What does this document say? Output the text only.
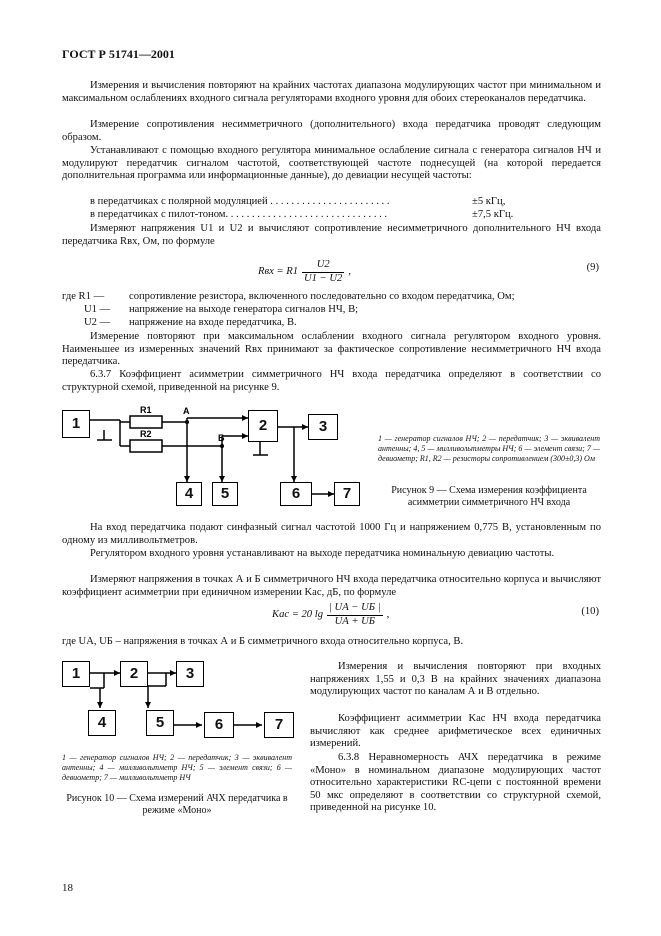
ГОСТ Р 51741—2001
Измерения и вычисления повторяют на крайних частотах диапазона модулирующих частот при минимальном и максимальном ослаблениях входного сигнала регуляторами входного уровня для обоих стереоканалов передатчика.
Измерение сопротивления несимметричного (дополнительного) входа передатчика проводят следующим образом.
Устанавливают с помощью входного регулятора минимальное ослабление сигнала с генератора сигналов НЧ и модулируют передатчик сигналом частотой, соответствующей частоте поднесущей (на которой передается дополнительная программа или информационные данные), до девиации несущей частоты:
в передатчиках с полярной модуляцией . . . . . . . . . . . . . . . . . . . . . . .	±5 кГц,
в передатчиках с пилот-тоном. . . . . . . . . . . . . . . . . . . . . . . . . . . . . . .	±7,5 кГц.
Измеряют напряжения U1 и U2 и вычисляют сопротивление несимметричного дополнительного НЧ входа передатчика Rвх, Ом, по формуле
Rвх = $R1 \frac{U2}{U1 - U2}$ ,	(9)
где R1 — сопротивление резистора, включенного последовательно со входом передатчика, Ом;
U1 — напряжение на выходе генератора сигналов НЧ, В;
U2 — напряжение на входе передатчика, В.
Измерение повторяют при максимальном ослаблении входного сигнала регулятором входного уровня. Наименьшее из измеренных значений Rвх принимают за фактическое сопротивление несимметричного НЧ входа передатчика.
6.3.7 Коэффициент асимметрии симметричного НЧ входа передатчика определяют в соответствии со структурной схемой, приведенной на рисунке 9.
R1
R2
А
Б
1	2	3
4	5	6	7
1 — генератор сигналов НЧ; 2 — передатчик; 3 — эквивалент антенны; 4, 5 — милливольтметры НЧ; 6 — элемент связи; 7 — девиометр; R1, R2 — резисторы сопротивлением (300±0,3) Ом
Рисунок 9 — Схема измерения коэффициента асимметрии симметричного НЧ входа
На вход передатчика подают синфазный сигнал частотой 1000 Гц и напряжением 0,775 В, установленным по одному из милливольтметров.
Регулятором входного уровня устанавливают на выходе передатчика номинальную девиацию частоты.
Измеряют напряжения в точках А и Б симметричного НЧ входа передатчика относительно корпуса и вычисляют коэффициент асимметрии при единичном измерении Kас, дБ, по формуле
Kас = 20 $\lg \frac{| UА - UБ |}{UА + UБ}$ ,	(10)
где UА, UБ – напряжения в точках А и Б симметричного входа относительно корпуса, В.
1	2	3
4	5	6	7
1 — генератор сигналов НЧ; 2 — передатчик; 3 — эквивалент антенны; 4 — милливольтметр НЧ; 5 — элемент связи; 6 — девиометр; 7 — милливольтметр НЧ
Рисунок 10 — Схема измерений АЧХ передатчика в режиме «Моно»
Измерения и вычисления повторяют при входных напряжениях 1,55 и 0,3 В на крайних значениях диапазона модулирующих частот по каналам А и В отдельно.
Коэффициент асимметрии Kас НЧ входа передатчика вычисляют как среднее арифметическое всех единичных измерений.
6.3.8 Неравномерность АЧХ передатчика в режиме «Моно» в номинальном диапазоне модулирующих частот относительно характеристики RC-цепи с постоянной времени 50 мкс определяют в соответствии со структурной схемой, приведенной на рисунке 10.
18
